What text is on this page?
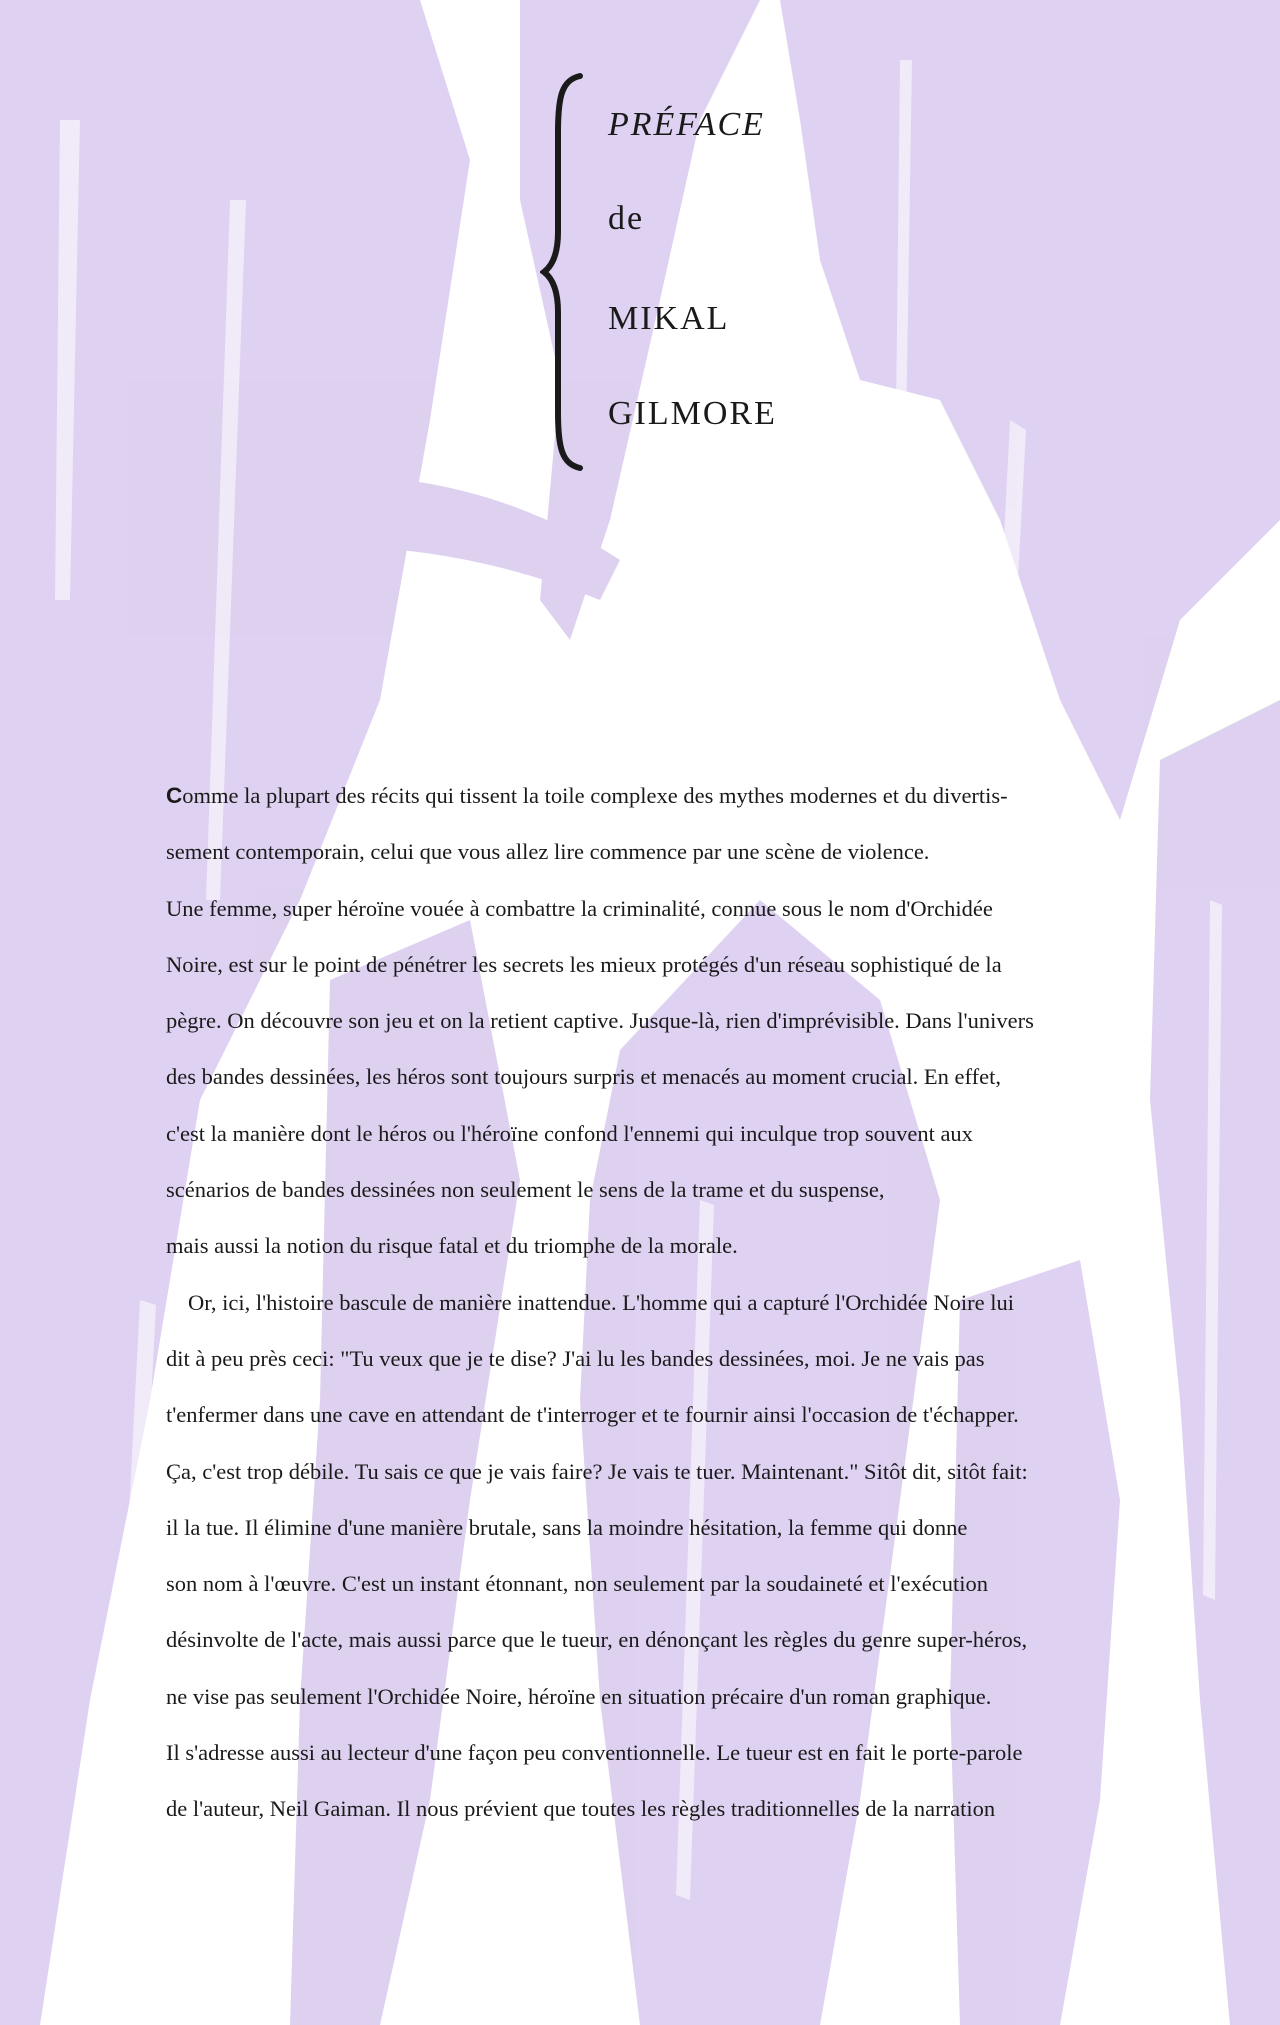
PRÉFACE
de
MIKAL
GILMORE
Comme la plupart des récits qui tissent la toile complexe des mythes modernes et du divertis-
sement contemporain, celui que vous allez lire commence par une scène de violence.
Une femme, super héroïne vouée à combattre la criminalité, connue sous le nom d'Orchidée
Noire, est sur le point de pénétrer les secrets les mieux protégés d'un réseau sophistiqué de la
pègre. On découvre son jeu et on la retient captive. Jusque-là, rien d'imprévisible. Dans l'univers
des bandes dessinées, les héros sont toujours surpris et menacés au moment crucial. En effet,
c'est la manière dont le héros ou l'héroïne confond l'ennemi qui inculque trop souvent aux
scénarios de bandes dessinées non seulement le sens de la trame et du suspense,
mais aussi la notion du risque fatal et du triomphe de la morale.
Or, ici, l'histoire bascule de manière inattendue. L'homme qui a capturé l'Orchidée Noire lui
dit à peu près ceci: "Tu veux que je te dise? J'ai lu les bandes dessinées, moi. Je ne vais pas
t'enfermer dans une cave en attendant de t'interroger et te fournir ainsi l'occasion de t'échapper.
Ça, c'est trop débile. Tu sais ce que je vais faire? Je vais te tuer. Maintenant." Sitôt dit, sitôt fait:
il la tue. Il élimine d'une manière brutale, sans la moindre hésitation, la femme qui donne
son nom à l'œuvre. C'est un instant étonnant, non seulement par la soudaineté et l'exécution
désinvolte de l'acte, mais aussi parce que le tueur, en dénonçant les règles du genre super-héros,
ne vise pas seulement l'Orchidée Noire, héroïne en situation précaire d'un roman graphique.
Il s'adresse aussi au lecteur d'une façon peu conventionnelle. Le tueur est en fait le porte-parole
de l'auteur, Neil Gaiman. Il nous prévient que toutes les règles traditionnelles de la narration
